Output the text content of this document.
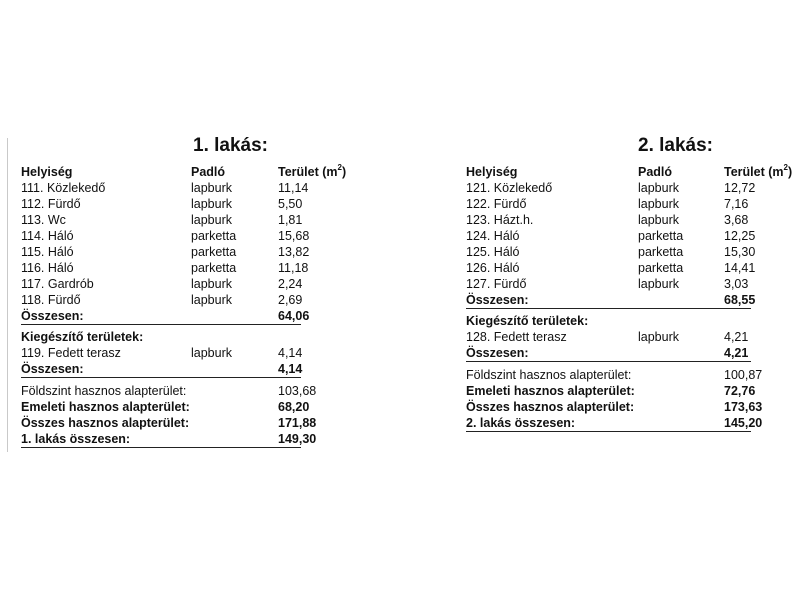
1. lakás:
Helyiség	Padló	Terület $(m^2)$
111. Közlekedő	lapburk	11,14
112. Fürdő	lapburk	5,50
113. Wc	lapburk	1,81
114. Háló	parketta	15,68
115. Háló	parketta	13,82
116. Háló	parketta	11,18
117. Gardrób	lapburk	2,24
118. Fürdő	lapburk	2,69
Összesen:	64,06
Kiegészítő területek:
119. Fedett terasz	lapburk	4,14
Összesen:	4,14
Földszint hasznos alapterület:	103,68
Emeleti hasznos alapterület:	68,20
Összes hasznos alapterület:	171,88
1. lakás összesen:	149,30
2. lakás:
Helyiség	Padló	Terület $(m^2)$
121. Közlekedő	lapburk	12,72
122. Fürdő	lapburk	7,16
123. Házt.h.	lapburk	3,68
124. Háló	parketta	12,25
125. Háló	parketta	15,30
126. Háló	parketta	14,41
127. Fürdő	lapburk	3,03
Összesen:	68,55
Kiegészítő területek:
128. Fedett terasz	lapburk	4,21
Összesen:	4,21
Földszint hasznos alapterület:	100,87
Emeleti hasznos alapterület:	72,76
Összes hasznos alapterület:	173,63
2. lakás összesen:	145,20
